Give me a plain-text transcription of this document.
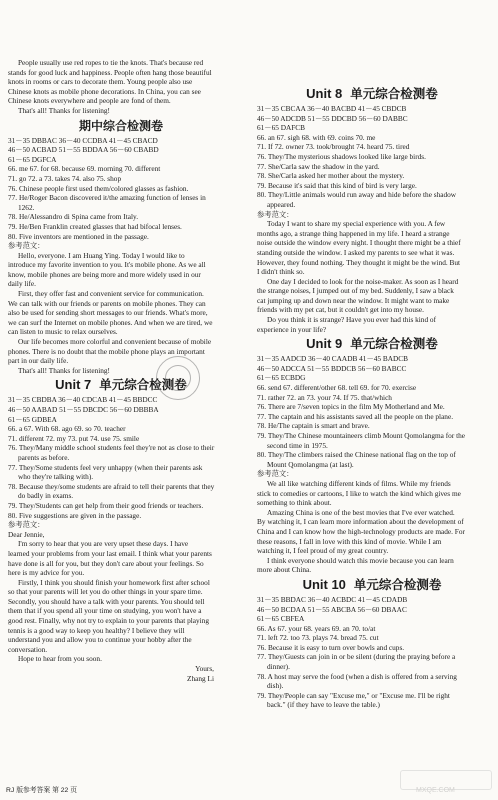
People usually use red ropes to tie the knots. That's because red
stands for good luck and happiness. People often hang those beautiful
knots in rooms or cars to decorate them. Young people also use
Chinese knots as mobile phone decorations. In China, you can see
Chinese knots everywhere and people are fond of them.
That's all! Thanks for listening!
期中综合检测卷
31－35 DBBAC 36－40 CCDBA 41－45 CBACD
46－50 ACBAD 51－55 BDDAA 56－60 CBABD
61－65 DGFCA
66. me 67. for 68. because 69. morning 70. different
71. go 72. a 73. takes 74. also 75. shop
76. Chinese people first used them/colored glasses as fashion.
77. He/Roger Bacon discovered it/the amazing function of lenses in
1262.
78. He/Alessandro di Spina came from Italy.
79. He/Ben Franklin created glasses that had bifocal lenses.
80. Five inventors are mentioned in the passage.
参考范文：
Hello, everyone. I am Huang Ying. Today I would like to
introduce my favorite invention to you. It's mobile phone. As we all
know, mobile phones are being more and more widely used in our
daily life.
First, they offer fast and convenient service for communication.
We can talk with our friends or parents on mobile phones. They can
also be used for sending short messages to our friends. What's more,
we can surf the Internet on mobile phones. And when we are tired, we
can listen to music to relax ourselves.
Our life becomes more colorful and convenient because of mobile
phones. There is no doubt that the mobile phone plays an important
part in our daily life.
That's all! Thanks for listening!
Unit 7 单元综合检测卷
31－35 CBDBA 36－40 CDCAB 41－45 BBDCC
46－50 AABAD 51－55 DBCDC 56－60 DBBBA
61－65 GDBEA
66. a 67. With 68. ago 69. so 70. teacher
71. different 72. my 73. put 74. use 75. smile
76. They/Many middle school students feel they're not as close to their
parents as before.
77. They/Some students feel very unhappy (when their parents ask
who they're talking with).
78. Because they/some students are afraid to tell their parents that they
do badly in exams.
79. They/Students can get help from their good friends or teachers.
80. Five suggestions are given in the passage.
参考范文：
Dear Jennie,
I'm sorry to hear that you are very upset these days. I have
learned your problems from your last email. I think what your parents
have done is all for you, but they don't care about your feelings. So
here is my advice for you.
Firstly, I think you should finish your homework first after school
so that your parents will let you do other things in your spare time.
Secondly, you should have a talk with your parents. You should tell
them that if you spend all your time on studying, you won't have a
good rest. Finally, why not try to explain to your parents that playing
tennis is a good way to keep you healthy? I believe they will
understand you and allow you to continue your hobby after the
conversation.
Hope to hear from you soon.
Yours,
Zhang Li
Unit 8 单元综合检测卷
31－35 CBCAA 36－40 BACBD 41－45 CBDCB
46－50 ADCDB 51－55 DDCBD 56－60 DABBC
61－65 DAFCB
66. an 67. sigh 68. with 69. coins 70. me
71. If 72. owner 73. took/brought 74. heard 75. tired
76. They/The mysterious shadows looked like large birds.
77. She/Carla saw the shadow in the yard.
78. She/Carla asked her mother about the mystery.
79. Because it's said that this kind of bird is very large.
80. They/Little animals would run away and hide before the shadow
appeared.
参考范文：
Today I want to share my special experience with you. A few
months ago, a strange thing happened in my life. I heard a strange
noise outside the window every night. I thought there might be a thief
standing outside the window. I asked my parents to see what it was.
However, they found nothing. They thought it might be the wind. But
I didn't think so.
One day I decided to look for the noise-maker. As soon as I heard
the strange noises, I jumped out of my bed. Suddenly, I saw a black
cat jumping up and down near the window. It might want to make
friends with my pet cat, but it couldn't get into my house.
Do you think it is strange? Have you ever had this kind of
experience in your life?
Unit 9 单元综合检测卷
31－35 AADCD 36－40 CAADB 41－45 BADCB
46－50 ADCCA 51－55 BDDCB 56－60 BABCC
61－65 ECBDG
66. send 67. different/other 68. tell 69. for 70. exercise
71. rather 72. an 73. your 74. If 75. that/which
76. There are 7/seven topics in the film My Motherland and Me.
77. The captain and his assistants saved all the people on the plane.
78. He/The captain is smart and brave.
79. They/The Chinese mountaineers climb Mount Qomolangma for the
second time in 1975.
80. They/The climbers raised the Chinese national flag on the top of
Mount Qomolangma (at last).
参考范文：
We all like watching different kinds of films. While my friends
stick to comedies or cartoons, I like to watch the kind which gives me
something to think about.
Amazing China is one of the best movies that I've ever watched.
By watching it, I can learn more information about the development of
China and I can know how the high-technology products are made. For
these reasons, I fall in love with this kind of movie. While I am
watching it, I feel proud of my great country.
I think everyone should watch this movie because you can learn
more about China.
Unit 10 单元综合检测卷
31－35 BBDAC 36－40 ACBDC 41－45 CDADB
46－50 BCDAA 51－55 ABCBA 56－60 DBAAC
61－65 CBFEA
66. As 67. your 68. years 69. an 70. to/at
71. left 72. too 73. plays 74. bread 75. cut
76. Because it is easy to turn over bowls and cups.
77. They/Guests can join in or be silent (during the praying before a
dinner).
78. A host may serve the food (when a dish is offered from a serving
dish).
79. They/People can say "Excuse me," or "Excuse me. I'll be right
back." (if they have to leave the table.)
RJ 版参考答案 第 22 页	MXQE.COM
